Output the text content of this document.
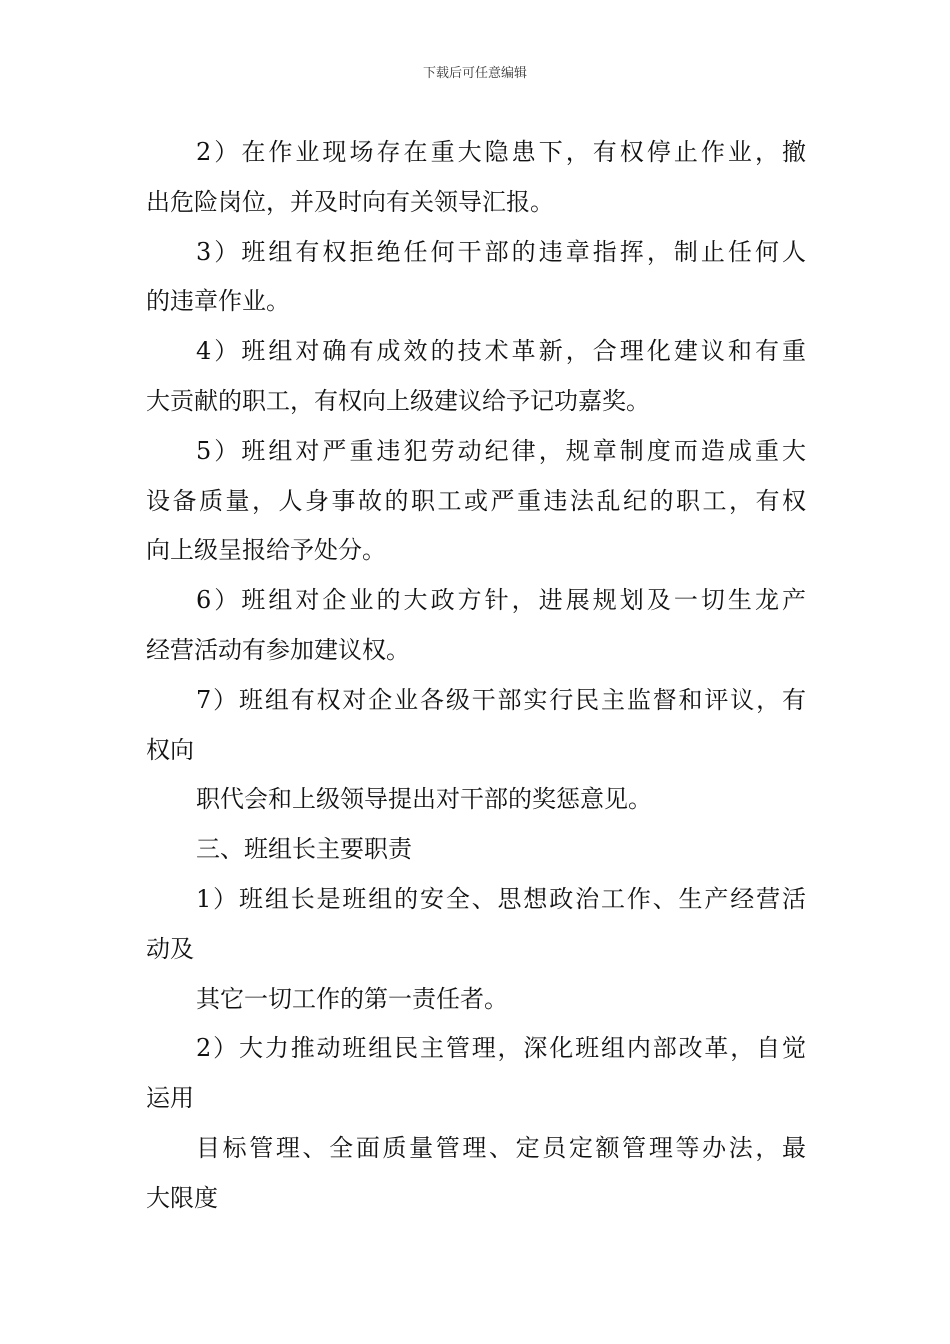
下载后可任意编辑
2）在作业现场存在重大隐患下，有权停止作业，撤
出危险岗位，并及时向有关领导汇报。
3）班组有权拒绝任何干部的违章指挥，制止任何人
的违章作业。
4）班组对确有成效的技术革新，合理化建议和有重
大贡献的职工，有权向上级建议给予记功嘉奖。
5）班组对严重违犯劳动纪律，规章制度而造成重大
设备质量，人身事故的职工或严重违法乱纪的职工，有权
向上级呈报给予处分。
6）班组对企业的大政方针，进展规划及一切生龙产
经营活动有参加建议权。
7）班组有权对企业各级干部实行民主监督和评议，有
权向
职代会和上级领导提出对干部的奖惩意见。
三、班组长主要职责
1）班组长是班组的安全、思想政治工作、生产经营活
动及
其它一切工作的第一责任者。
2）大力推动班组民主管理，深化班组内部改革，自觉
运用
目标管理、全面质量管理、定员定额管理等办法，最
大限度
